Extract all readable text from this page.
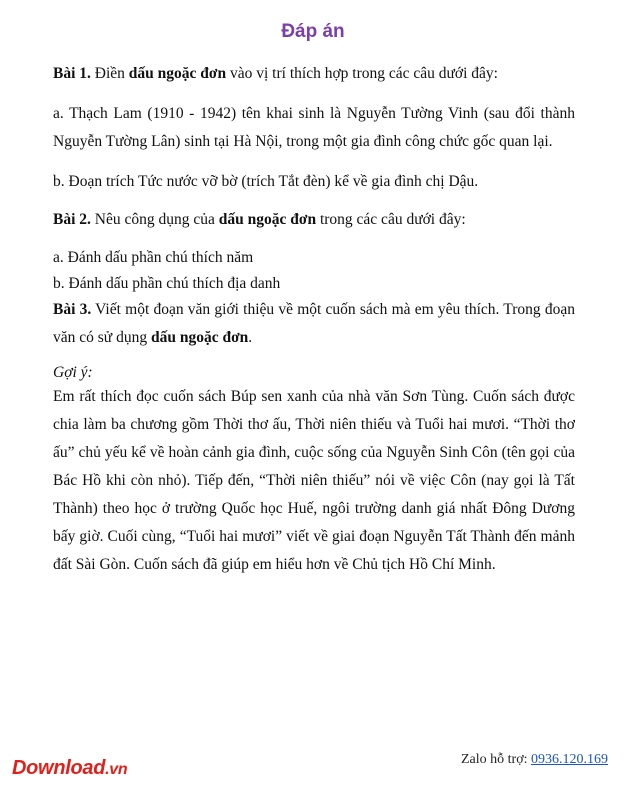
Đáp án
Bài 1. Điền dấu ngoặc đơn vào vị trí thích hợp trong các câu dưới đây:
a. Thạch Lam (1910 - 1942) tên khai sinh là Nguyễn Tường Vinh (sau đổi thành Nguyễn Tường Lân) sinh tại Hà Nội, trong một gia đình công chức gốc quan lại.
b. Đoạn trích Tức nước vỡ bờ (trích Tắt đèn) kể về gia đình chị Dậu.
Bài 2. Nêu công dụng của dấu ngoặc đơn trong các câu dưới đây:
a. Đánh dấu phần chú thích năm
b. Đánh dấu phần chú thích địa danh
Bài 3. Viết một đoạn văn giới thiệu về một cuốn sách mà em yêu thích. Trong đoạn văn có sử dụng dấu ngoặc đơn.
Gợi ý:
Em rất thích đọc cuốn sách Búp sen xanh của nhà văn Sơn Tùng. Cuốn sách được chia làm ba chương gồm Thời thơ ấu, Thời niên thiếu và Tuổi hai mươi. “Thời thơ ấu” chủ yếu kể về hoàn cảnh gia đình, cuộc sống của Nguyễn Sinh Côn (tên gọi của Bác Hồ khi còn nhỏ). Tiếp đến, “Thời niên thiếu” nói về việc Côn (nay gọi là Tất Thành) theo học ở trường Quốc học Huế, ngôi trường danh giá nhất Đông Dương bấy giờ. Cuối cùng, “Tuổi hai mươi” viết về giai đoạn Nguyễn Tất Thành đến mảnh đất Sài Gòn. Cuốn sách đã giúp em hiểu hơn về Chủ tịch Hồ Chí Minh.
Download.vn
Zalo hỗ trợ: 0936.120.169
